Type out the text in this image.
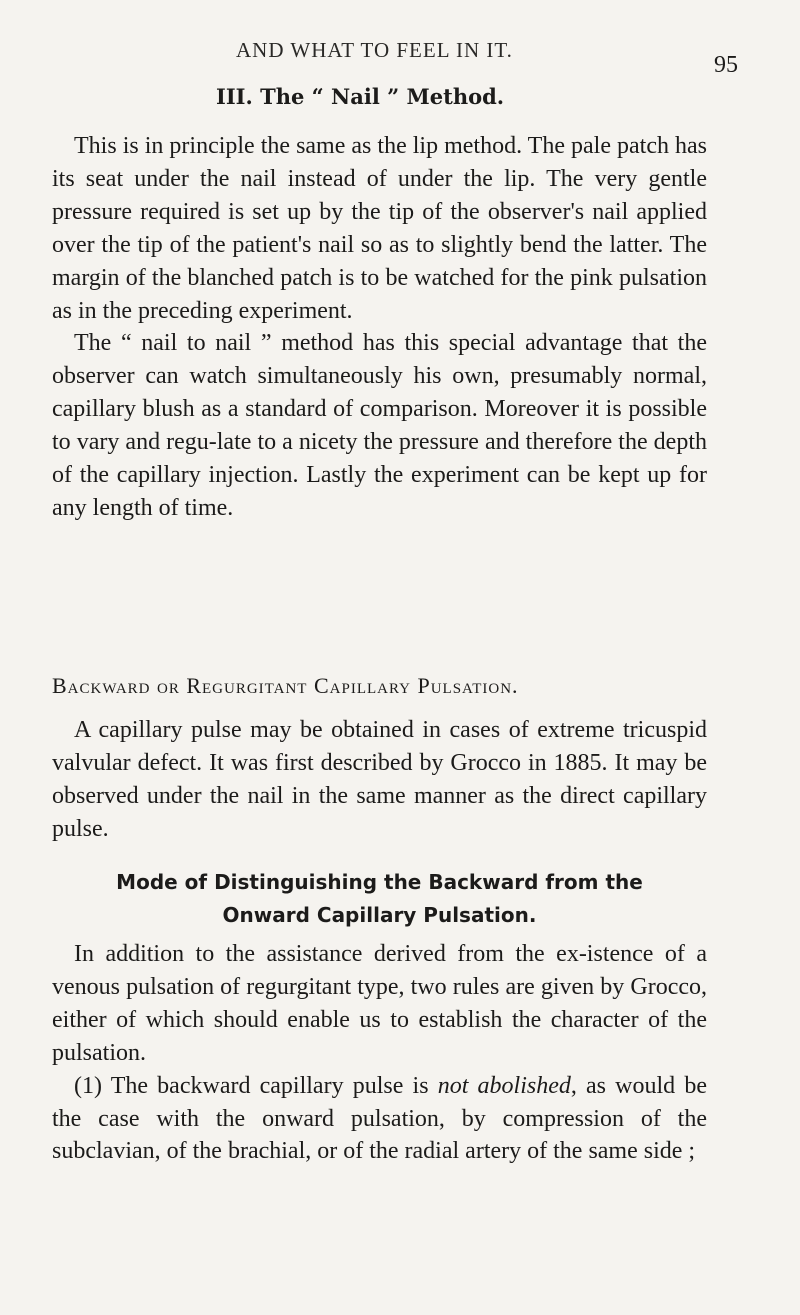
AND WHAT TO FEEL IN IT.
95
III. The “ Nail ” Method.

This is in principle the same as the lip method. The pale patch has its seat under the nail instead of under the lip. The very gentle pressure required is set up by the tip of the observer's nail applied over the tip of the patient's nail so as to slightly bend the latter. The margin of the blanched patch is to be watched for the pink pulsation as in the preceding experiment.

The “ nail to nail ” method has this special advantage that the observer can watch simultaneously his own, presumably normal, capillary blush as a standard of comparison. Moreover it is possible to vary and regu-late to a nicety the pressure and therefore the depth of the capillary injection. Lastly the experiment can be kept up for any length of time.

Backward or Regurgitant Capillary Pulsation.

A capillary pulse may be obtained in cases of extreme tricuspid valvular defect. It was first described by Grocco in 1885. It may be observed under the nail in the same manner as the direct capillary pulse.

Mode of Distinguishing the Backward from the
Onward Capillary Pulsation.

In addition to the assistance derived from the ex-istence of a venous pulsation of regurgitant type, two rules are given by Grocco, either of which should enable us to establish the character of the pulsation.

(1) The backward capillary pulse is not abolished, as would be the case with the onward pulsation, by compression of the subclavian, of the brachial, or of the radial artery of the same side ;
